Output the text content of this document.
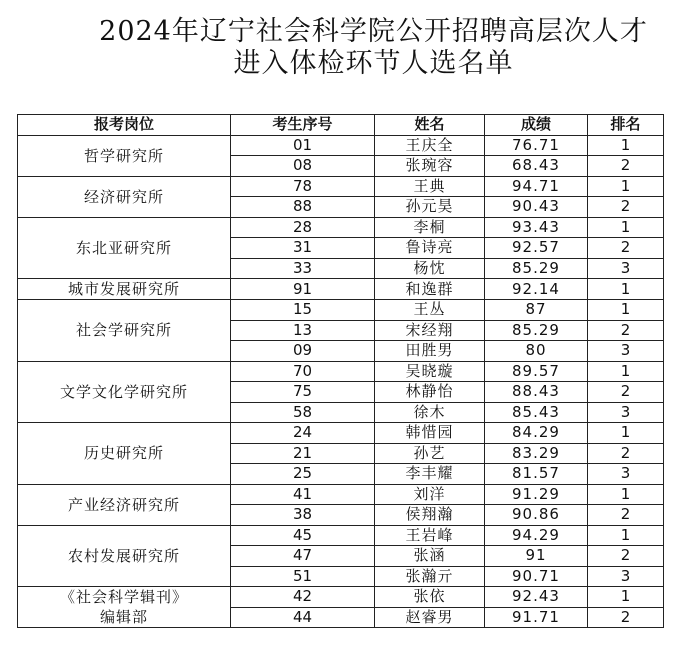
2024年辽宁社会科学院公开招聘高层次人才
进入体检环节人选名单
报考岗位	考生序号	姓名	成绩	排名

哲学研究所	01	王庆全	76.71	1
	08	张琬容	68.43	2

经济研究所	78	王典	94.71	1
	88	孙元昊	90.43	2

东北亚研究所	28	李桐	93.43	1
	31	鲁诗亮	92.57	2
	33	杨忱	85.29	3

城市发展研究所	91	和逸群	92.14	1

社会学研究所	15	王丛	87	1
	13	宋经翔	85.29	2
	09	田胜男	80	3

文学文化学研究所	70	吴晓璇	89.57	1
	75	林静怡	88.43	2
	58	徐木	85.43	3

历史研究所	24	韩惜园	84.29	1
	21	孙艺	83.29	2
	25	李丰耀	81.57	3

产业经济研究所	41	刘洋	91.29	1
	38	侯翔瀚	90.86	2

农村发展研究所	45	王岩峰	94.29	1
	47	张涵	91	2
	51	张瀚亓	90.71	3

《社会科学辑刊》
编辑部	42	张依	92.43	1
	44	赵睿男	91.71	2
